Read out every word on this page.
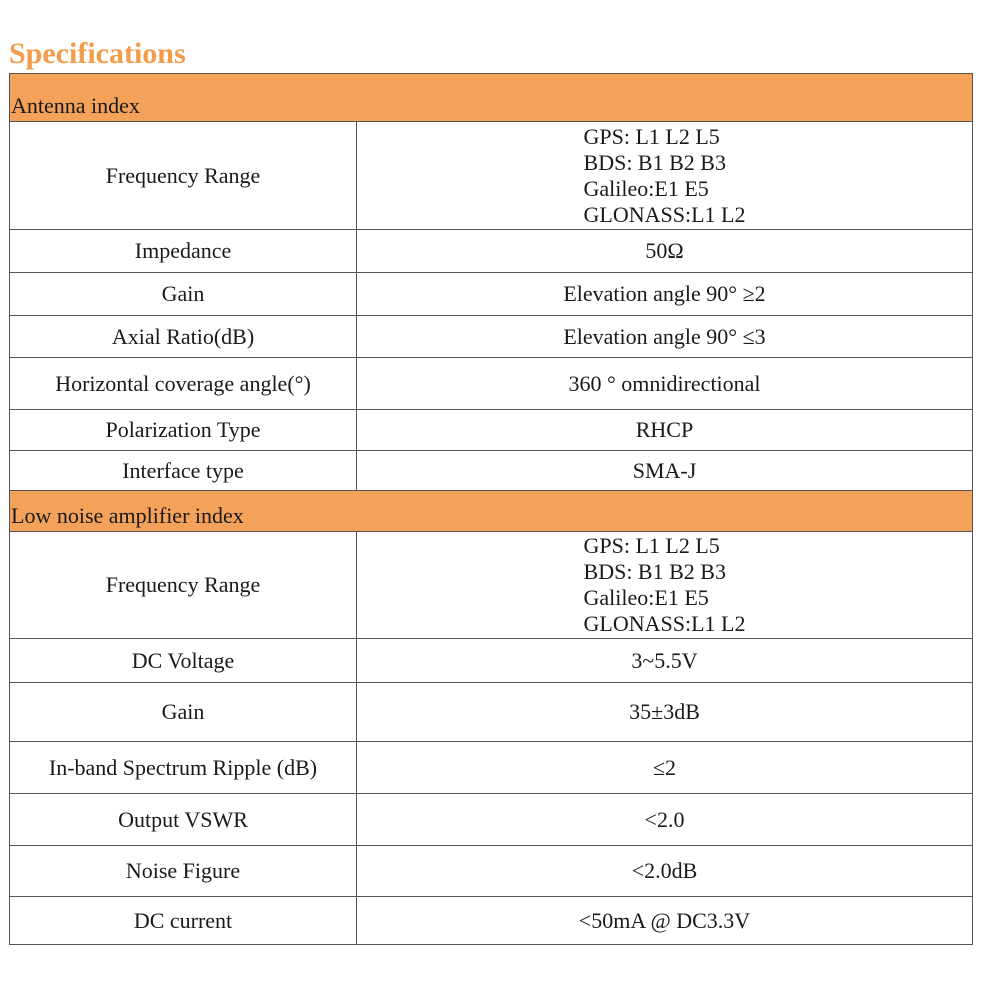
Specifications
Antenna index	
Frequency Range	GPS: L1 L2 L5
BDS: B1 B2 B3
Galileo:E1 E5
GLONASS:L1 L2

Impedance	50Ω
Gain	Elevation angle 90° ≥2
Axial Ratio(dB)	Elevation angle 90° ≤3
Horizontal coverage angle(°)	360 ° omnidirectional
Polarization Type	RHCP
Interface type	SMA-J
Low noise amplifier index	
Frequency Range	GPS: L1 L2 L5
BDS: B1 B2 B3
Galileo:E1 E5
GLONASS:L1 L2

DC Voltage	3~5.5V
Gain	35±3dB
In-band Spectrum Ripple (dB)	≤2
Output VSWR	<2.0
Noise Figure	<2.0dB
DC current	<50mA @ DC3.3V
